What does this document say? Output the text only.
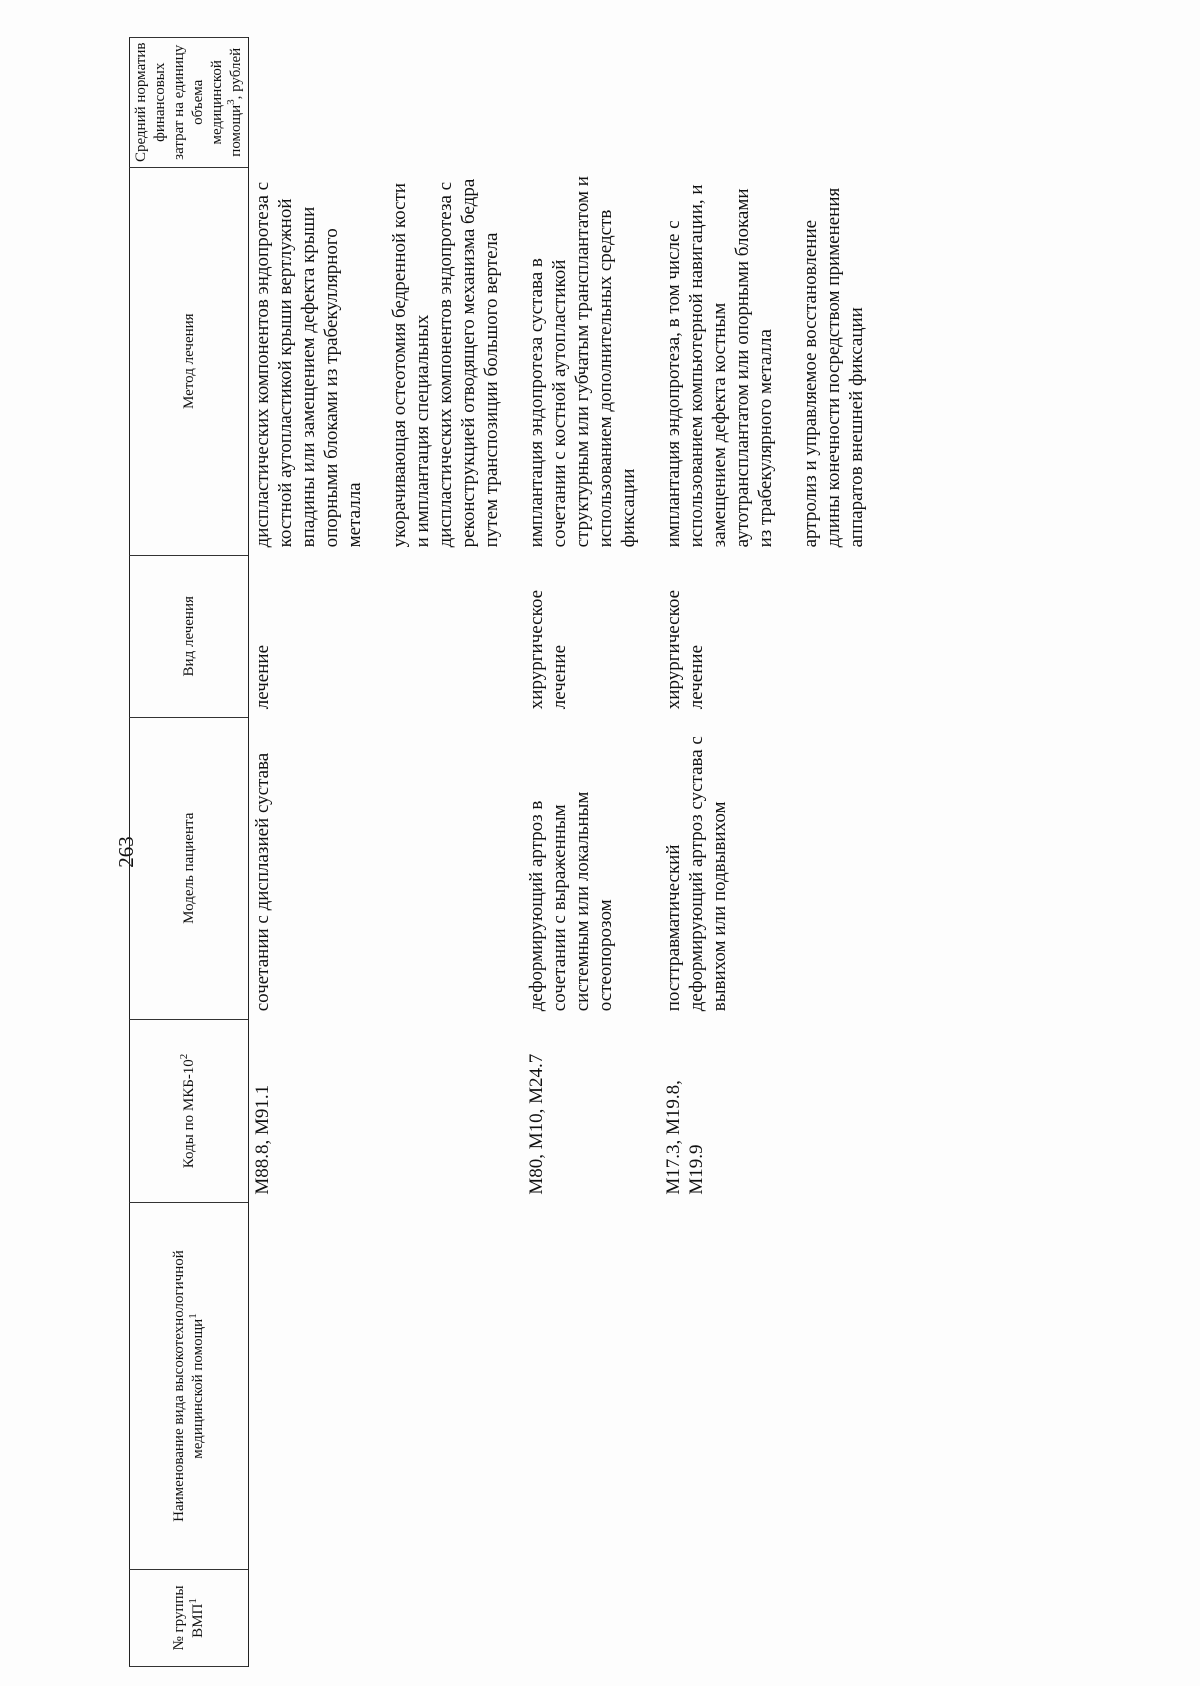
263
№ группы ВМП$^1$	Наименование вида высокотехнологичной медицинской помощи$^1$	Коды по МКБ-$10^2$	Модель пациента	Вид лечения	Метод лечения	Средний норматив финансовых затрат на единицу объема медицинской помощи$^3$, рублей
		M88.8, M91.1	сочетании с дисплазией сустава	лечение	диспластических компонентов эндопротеза с костной аутопластикой крыши вертлужной впадины или замещением дефекта крыши опорными блоками из трабекуллярного металла укорачивающая остеотомия бедренной кости и имплантация специальных диспластических компонентов эндопротеза с реконструкцией отводящего механизма бедра путем транспозиции большого вертела	

		M80, M10, M24.7	деформирующий артроз в сочетании с выраженным системным или локальным остеопорозом	хирургическое лечение	имплантация эндопротеза сустава в сочетании с костной аутопластикой структурным или губчатым трансплантатом и использованием дополнительных средств фиксации	

		M17.3, M19.8, M19.9	посттравматический деформирующий артроз сустава с вывихом или подвывихом	хирургическое лечение	имплантация эндопротеза, в том числе с использованием компьютерной навигации, и замещением дефекта костным аутотрансплантатом или опорными блоками из трабекулярного металла артролиз и управляемое восстановление длины конечности посредством применения аппаратов внешней фиксации	
